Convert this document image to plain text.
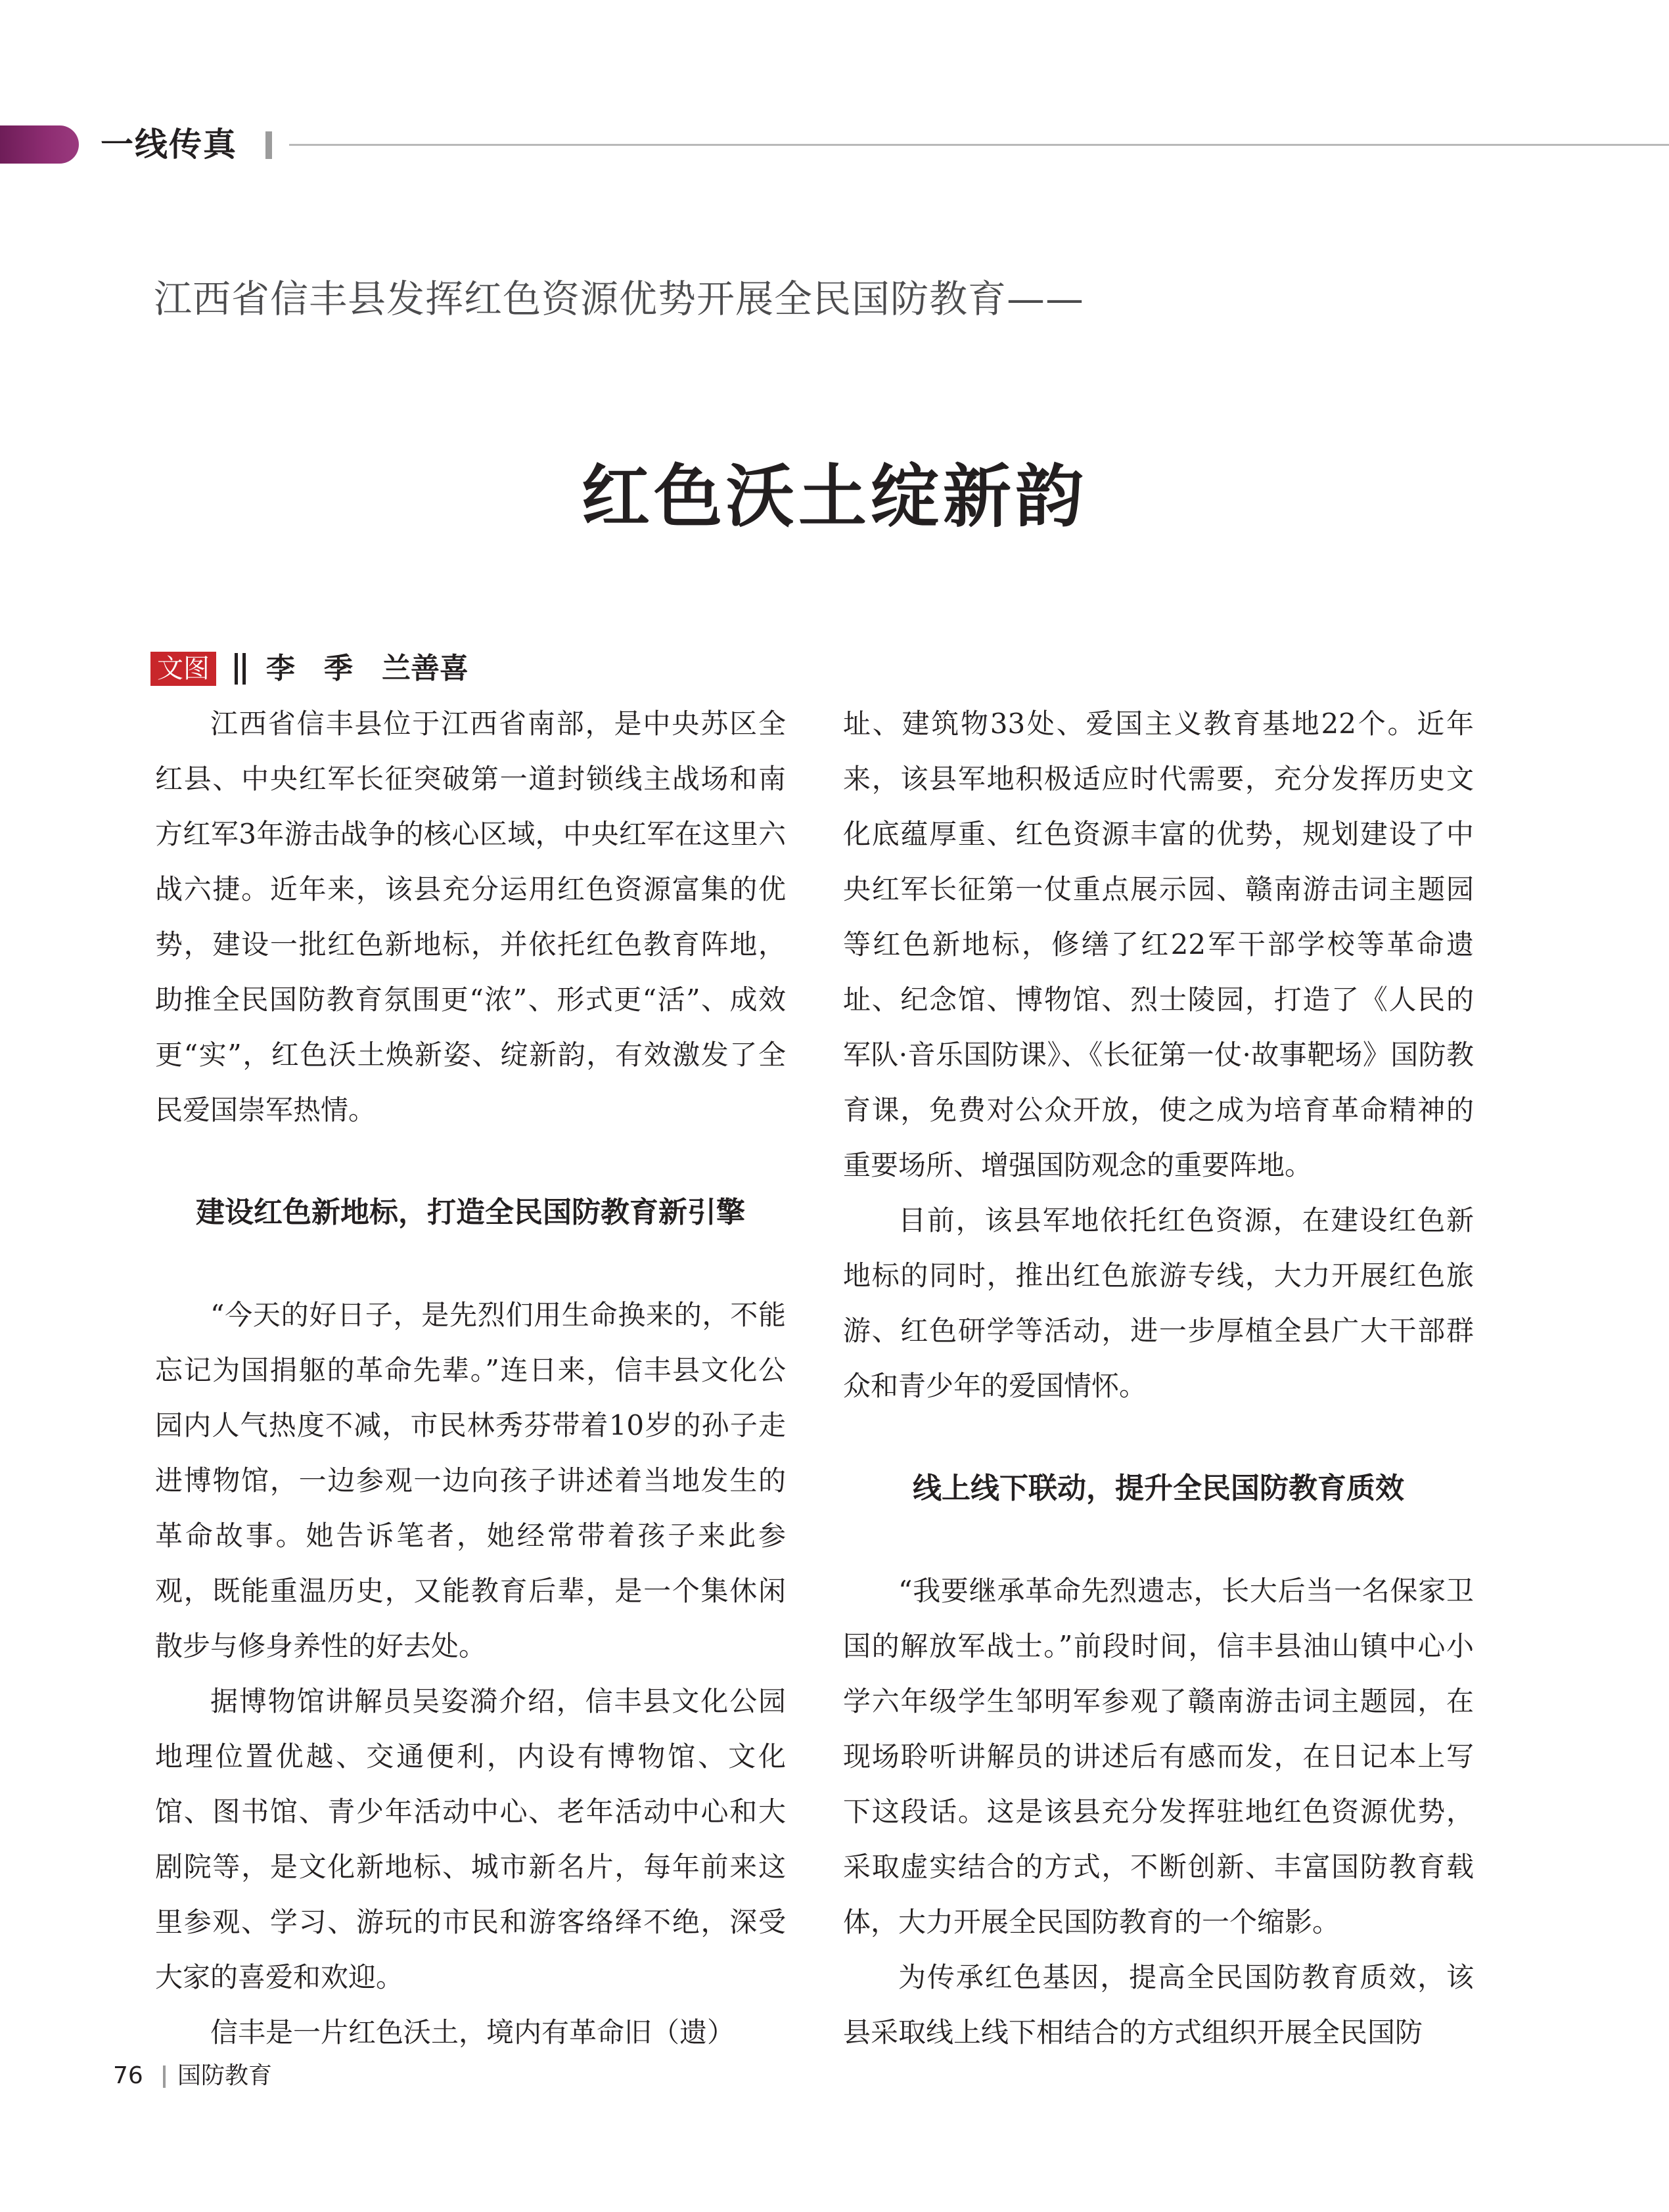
一线传真
江西省信丰县发挥红色资源优势开展全民国防教育——
红色沃土绽新韵
文图 李　季　兰善喜

江西省信丰县位于江西省南部，是中央苏区全红县、中央红军长征突破第一道封锁线主战场和南方红军3年游击战争的核心区域，中央红军在这里六战六捷。近年来，该县充分运用红色资源富集的优势，建设一批红色新地标，并依托红色教育阵地，助推全民国防教育氛围更“浓”、形式更“活”、成效更“实”，红色沃土焕新姿、绽新韵，有效激发了全民爱国崇军热情。

建设红色新地标，打造全民国防教育新引擎

“今天的好日子，是先烈们用生命换来的，不能忘记为国捐躯的革命先辈。”连日来，信丰县文化公园内人气热度不减，市民林秀芬带着10岁的孙子走进博物馆，一边参观一边向孩子讲述着当地发生的革命故事。她告诉笔者，她经常带着孩子来此参观，既能重温历史，又能教育后辈，是一个集休闲散步与修身养性的好去处。

据博物馆讲解员吴姿漪介绍，信丰县文化公园地理位置优越、交通便利，内设有博物馆、文化馆、图书馆、青少年活动中心、老年活动中心和大剧院等，是文化新地标、城市新名片，每年前来这里参观、学习、游玩的市民和游客络绎不绝，深受大家的喜爱和欢迎。

信丰是一片红色沃土，境内有革命旧（遗）

址、建筑物33处、爱国主义教育基地22个。近年来，该县军地积极适应时代需要，充分发挥历史文化底蕴厚重、红色资源丰富的优势，规划建设了中央红军长征第一仗重点展示园、赣南游击词主题园等红色新地标，修缮了红22军干部学校等革命遗址、纪念馆、博物馆、烈士陵园，打造了《人民的军队·音乐国防课》、《长征第一仗·故事靶场》国防教育课，免费对公众开放，使之成为培育革命精神的重要场所、增强国防观念的重要阵地。

目前，该县军地依托红色资源，在建设红色新地标的同时，推出红色旅游专线，大力开展红色旅游、红色研学等活动，进一步厚植全县广大干部群众和青少年的爱国情怀。

线上线下联动，提升全民国防教育质效

“我要继承革命先烈遗志，长大后当一名保家卫国的解放军战士。”前段时间，信丰县油山镇中心小学六年级学生邹明军参观了赣南游击词主题园，在现场聆听讲解员的讲述后有感而发，在日记本上写下这段话。这是该县充分发挥驻地红色资源优势，采取虚实结合的方式，不断创新、丰富国防教育载体，大力开展全民国防教育的一个缩影。

为传承红色基因，提高全民国防教育质效，该县采取线上线下相结合的方式组织开展全民国防

76 国防教育
